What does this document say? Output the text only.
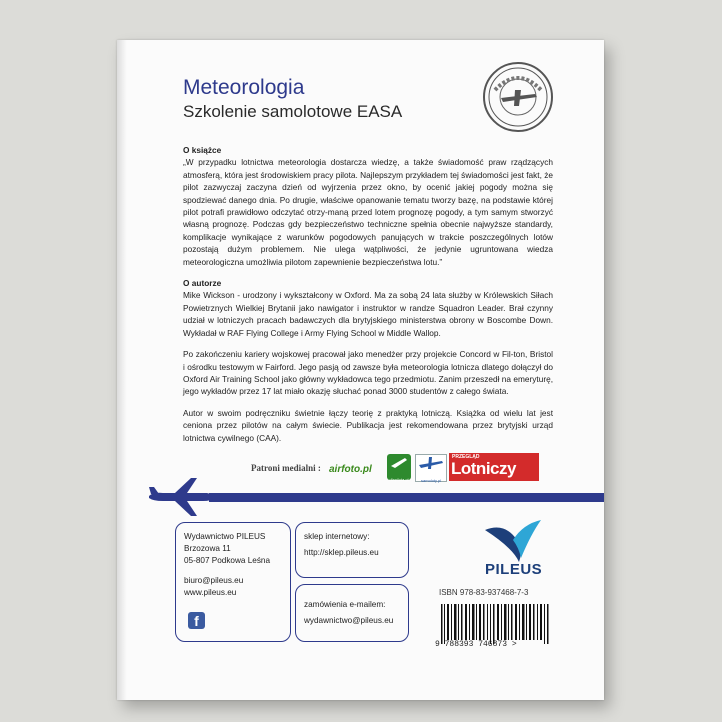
Meteorologia
Szkolenie samolotowe EASA
O książce

„W przypadku lotnictwa meteorologia dostarcza wiedzę, a także świadomość praw rządzących atmosferą, która jest środowiskiem pracy pilota. Najlepszym przykładem tej świadomości jest fakt, że pilot zazwyczaj zaczyna dzień od wyjrzenia przez okno, by ocenić jakiej pogody można się spodziewać danego dnia. Po drugie, właściwe opanowanie tematu tworzy bazę, na podstawie której pilot potrafi prawidłowo odczytać otrzy-maną przed lotem prognozę pogody, a tym samym stworzyć własną prognozę. Podczas gdy bezpieczeństwo techniczne spełnia obecnie najwyższe standardy, komplikacje wynikające z warunków pogodowych panujących w trakcie poszczególnych lotów pozostają dużym problemem. Nie ulega wątpliwości, że jedynie ugruntowana wiedza meteorologiczna umożliwia pilotom zapewnienie bezpieczeństwa lotu.”

O autorze

Mike Wickson - urodzony i wykształcony w Oxford. Ma za sobą 24 lata służby w Królewskich Siłach Powietrznych Wielkiej Brytanii jako nawigator i instruktor w randze Squadron Leader. Brał czynny udział w lotniczych pracach badawczych dla brytyjskiego ministerstwa obrony w Boscombe Down. Wykładał w RAF Flying College i Army Flying School w Middle Wallop.

Po zakończeniu kariery wojskowej pracował jako menedżer przy projekcie Concord w Fil-ton, Bristol i ośrodku testowym w Fairford. Jego pasją od zawsze była meteorologia lotnicza dlatego dołączył do Oxford Air Training School jako główny wykładowca tego przedmiotu. Zanim przeszedł na emeryturę, jego wykładów przez 17 lat miało okazję słuchać ponad 3000 studentów z całego świata.

Autor w swoim podręczniku świetnie łączy teorię z praktyką lotniczą. Książka od wielu lat jest ceniona przez pilotów na całym świecie. Publikacja jest rekomendowana przez brytyjski urząd lotnictwa cywilnego (CAA).

Patroni medialni : airfoto.pl
dlapilota.pl	samoloty.pl
PRZEGLĄD
Lotniczy
Wydawnictwo PILEUS
Brzozowa 11
05-807 Podkowa Leśna
biuro@pileus.eu
www.pileus.eu
f
sklep internetowy:
http://sklep.pileus.eu
zamówienia e-mailem:
wydawnictwo@pileus.eu
PILEUS
ISBN 978-83-937468-7-3
9 788393 746873 >
